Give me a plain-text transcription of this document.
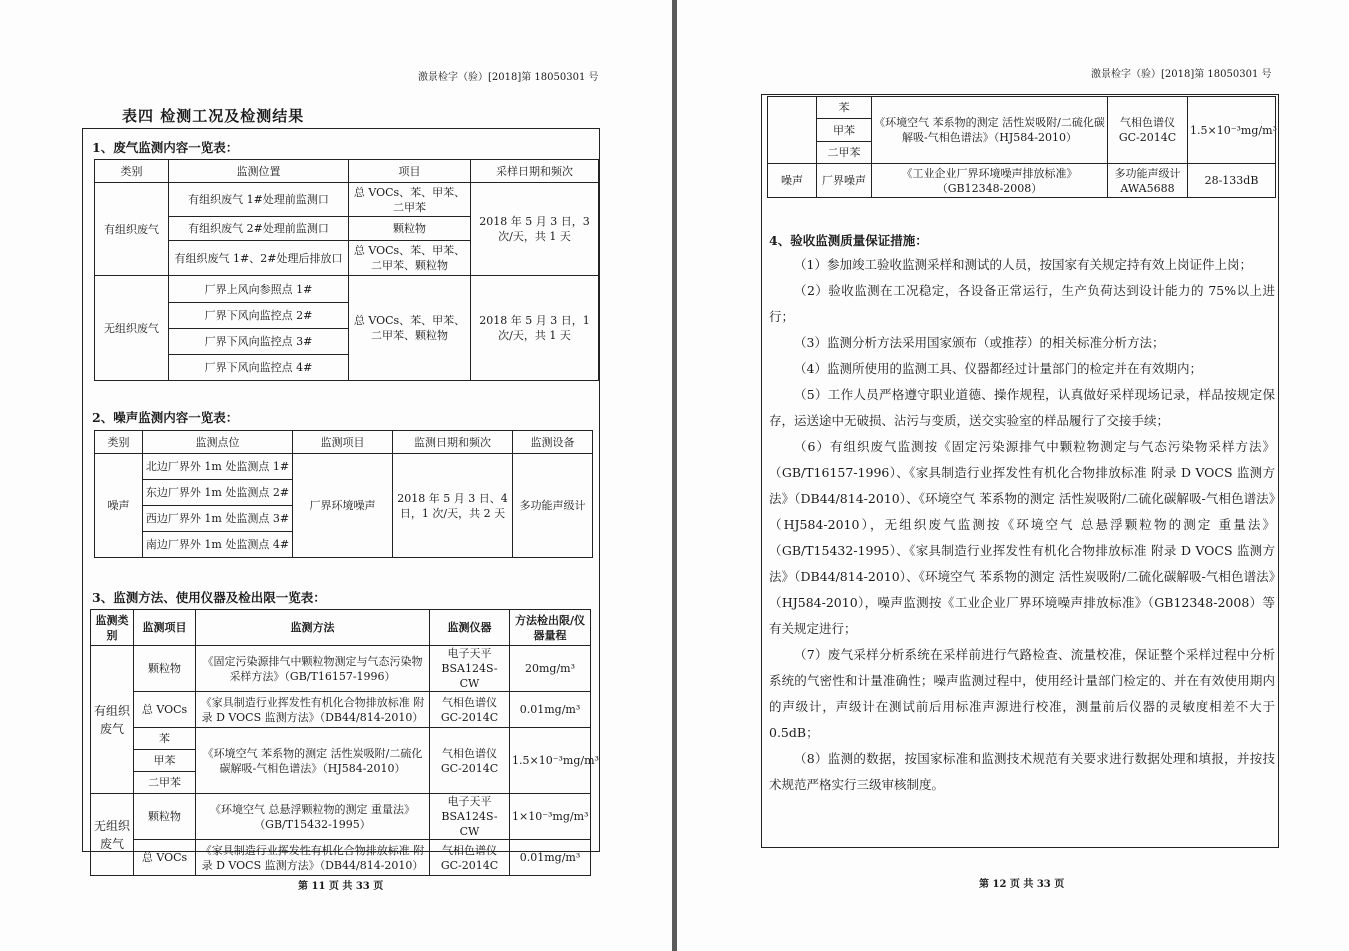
激景检字（验）[2018]第 18050301 号
表四 检测工况及检测结果
1、废气监测内容一览表：
类别	监测位置	项目	采样日期和频次
有组织废气	有组织废气 1#处理前监测口	总 VOCs、苯、甲苯、二甲苯	2018 年 5 月 3 日，3 次/天，共 1 天
	有组织废气 2#处理前监测口	颗粒物	
	有组织废气 1#、2#处理后排放口	总 VOCs、苯、甲苯、二甲苯、颗粒物	
无组织废气	厂界上风向参照点 1#	总 VOCs、苯、甲苯、二甲苯、颗粒物	2018 年 5 月 3 日，1 次/天，共 1 天
	厂界下风向监控点 2#		
	厂界下风向监控点 3#		
	厂界下风向监控点 4#		
2、噪声监测内容一览表：
类别	监测点位	监测项目	监测日期和频次	监测设备
噪声	北边厂界外 1m 处监测点 1#	厂界环境噪声	2018 年 5 月 3 日、4 日，1 次/天，共 2 天	多功能声级计
	东边厂界外 1m 处监测点 2#			
	西边厂界外 1m 处监测点 3#			
	南边厂界外 1m 处监测点 4#			
3、监测方法、使用仪器及检出限一览表：
监测类别	监测项目	监测方法	监测仪器	方法检出限/仪器量程
有组织废气	颗粒物	《固定污染源排气中颗粒物测定与气态污染物采样方法》（GB/T16157-1996）	电子天平 BSA124S-CW	20mg/m³
	总 VOCs	《家具制造行业挥发性有机化合物排放标准 附录 D VOCS 监测方法》（DB44/814-2010）	气相色谱仪 GC-2014C	0.01mg/m³
	苯	《环境空气 苯系物的测定 活性炭吸附/二硫化碳解吸-气相色谱法》（HJ584-2010）	气相色谱仪 GC-2014C	1.5×10⁻³mg/m³
	甲苯			
	二甲苯			
无组织废气	颗粒物	《环境空气 总悬浮颗粒物的测定 重量法》（GB/T15432-1995）	电子天平 BSA124S-CW	1×10⁻³mg/m³
	总 VOCs	《家具制造行业挥发性有机化合物排放标准 附录 D VOCS 监测方法》（DB44/814-2010）	气相色谱仪 GC-2014C	0.01mg/m³
第 11 页 共 33 页
激景检字（验）[2018]第 18050301 号
	苯	《环境空气 苯系物的测定 活性炭吸附/二硫化碳解吸-气相色谱法》（HJ584-2010）	气相色谱仪 GC-2014C	1.5×10⁻³mg/m³
	甲苯			
	二甲苯			
噪声	厂界噪声	《工业企业厂界环境噪声排放标准》（GB12348-2008）	多功能声级计 AWA5688	28-133dB
4、验收监测质量保证措施：

（1）参加竣工验收监测采样和测试的人员，按国家有关规定持有效上岗证件上岗；

（2）验收监测在工况稳定，各设备正常运行，生产负荷达到设计能力的 75%以上进行；

（3）监测分析方法采用国家颁布（或推荐）的相关标准分析方法；

（4）监测所使用的监测工具、仪器都经过计量部门的检定并在有效期内；

（5）工作人员严格遵守职业道德、操作规程，认真做好采样现场记录，样品按规定保存，运送途中无破损、沾污与变质，送交实验室的样品履行了交接手续；

（6）有组织废气监测按《固定污染源排气中颗粒物测定与气态污染物采样方法》（GB/T16157-1996）、《家具制造行业挥发性有机化合物排放标准 附录 D VOCS 监测方法》（DB44/814-2010）、《环境空气 苯系物的测定 活性炭吸附/二硫化碳解吸-气相色谱法》（HJ584-2010），无组织废气监测按《环境空气 总悬浮颗粒物的测定 重量法》（GB/T15432-1995）、《家具制造行业挥发性有机化合物排放标准 附录 D VOCS 监测方法》（DB44/814-2010）、《环境空气 苯系物的测定 活性炭吸附/二硫化碳解吸-气相色谱法》（HJ584-2010），噪声监测按《工业企业厂界环境噪声排放标准》（GB12348-2008）等有关规定进行；

（7）废气采样分析系统在采样前进行气路检查、流量校准，保证整个采样过程中分析系统的气密性和计量准确性；噪声监测过程中，使用经计量部门检定的、并在有效使用期内的声级计，声级计在测试前后用标准声源进行校准，测量前后仪器的灵敏度相差不大于 0.5dB；

（8）监测的数据，按国家标准和监测技术规范有关要求进行数据处理和填报，并按技术规范严格实行三级审核制度。

第 12 页 共 33 页
